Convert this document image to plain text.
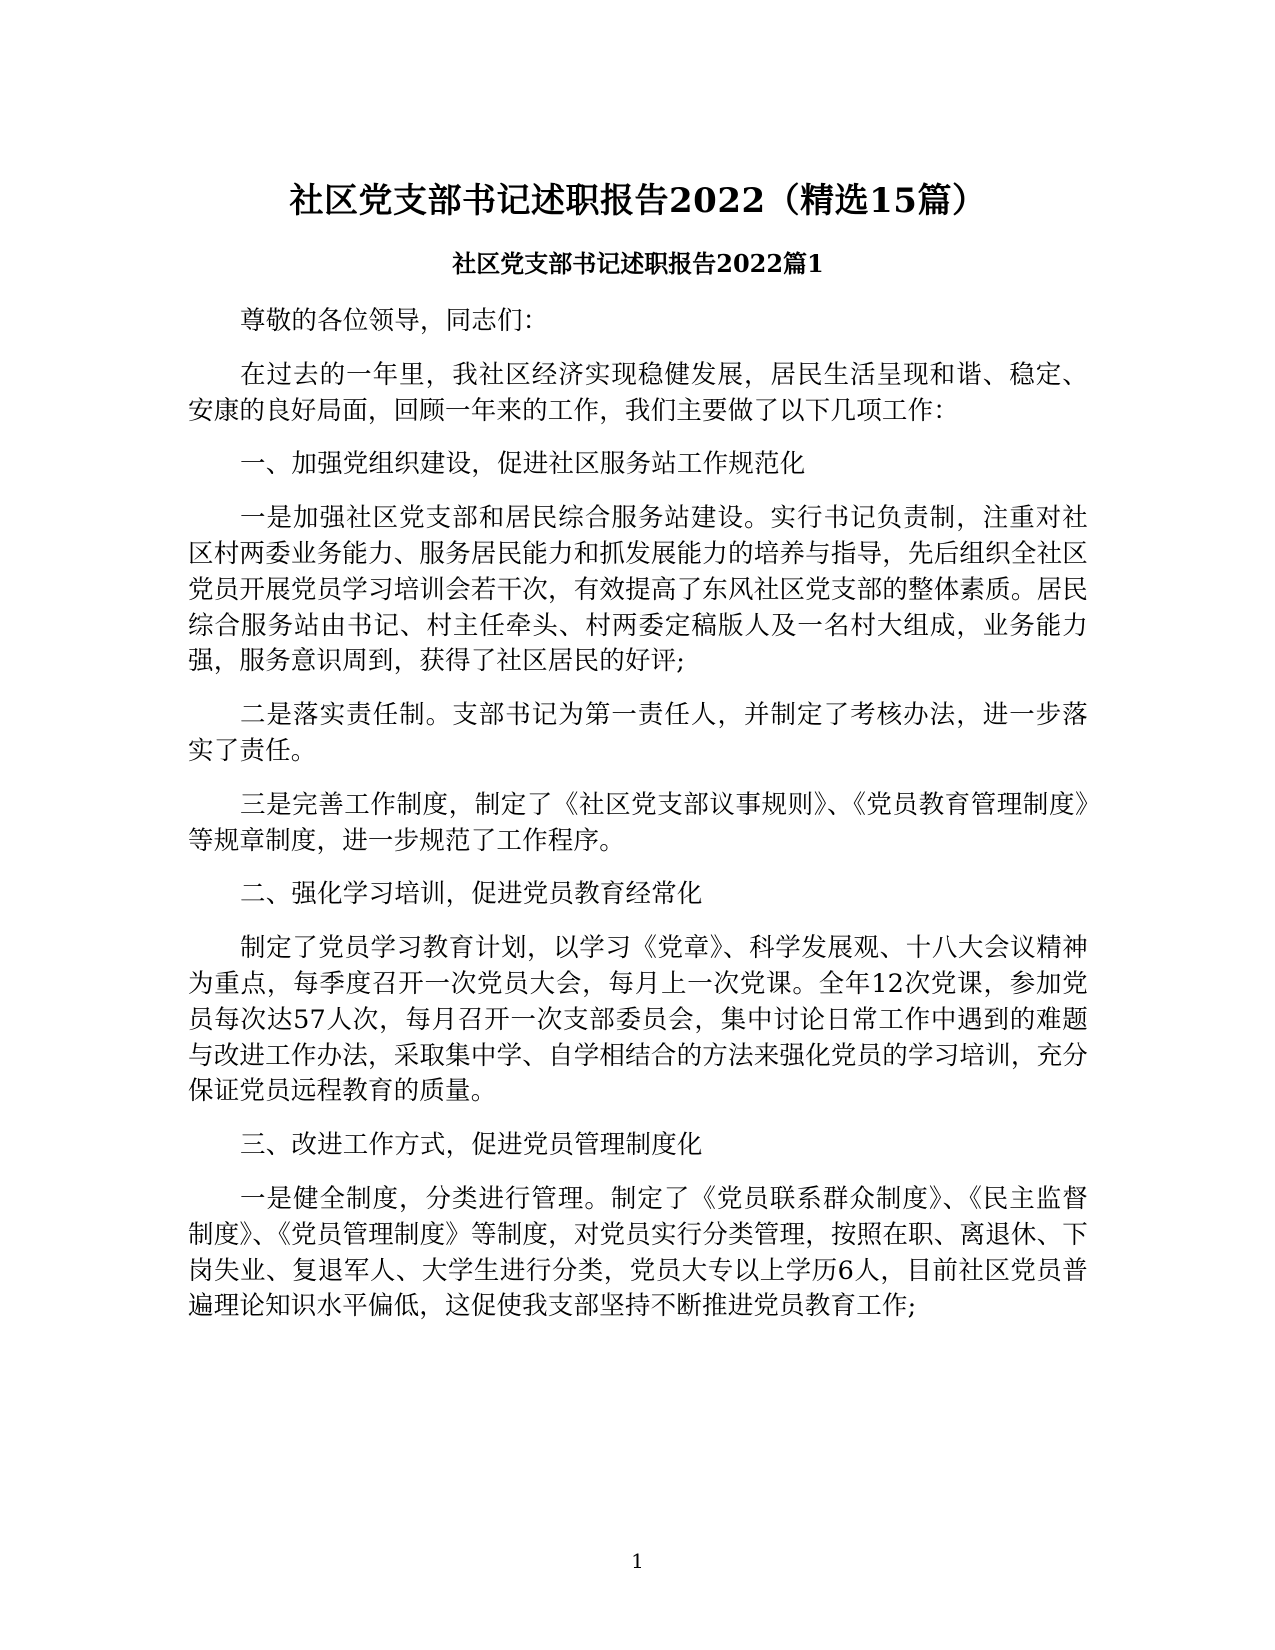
社区党支部书记述职报告2022（精选15篇）
社区党支部书记述职报告2022篇1

尊敬的各位领导，同志们：

在过去的一年里，我社区经济实现稳健发展，居民生活呈现和谐、稳定、安康的良好局面，回顾一年来的工作，我们主要做了以下几项工作：

一、加强党组织建设，促进社区服务站工作规范化

一是加强社区党支部和居民综合服务站建设。实行书记负责制，注重对社区村两委业务能力、服务居民能力和抓发展能力的培养与指导，先后组织全社区党员开展党员学习培训会若干次，有效提高了东风社区党支部的整体素质。居民综合服务站由书记、村主任牵头、村两委定稿版人及一名村大组成，业务能力强，服务意识周到，获得了社区居民的好评;

二是落实责任制。支部书记为第一责任人，并制定了考核办法，进一步落实了责任。

三是完善工作制度，制定了《社区党支部议事规则》、《党员教育管理制度》等规章制度，进一步规范了工作程序。

二、强化学习培训，促进党员教育经常化

制定了党员学习教育计划，以学习《党章》、科学发展观、十八大会议精神为重点，每季度召开一次党员大会，每月上一次党课。全年12次党课，参加党员每次达57人次，每月召开一次支部委员会，集中讨论日常工作中遇到的难题与改进工作办法，采取集中学、自学相结合的方法来强化党员的学习培训，充分保证党员远程教育的质量。

三、改进工作方式，促进党员管理制度化

一是健全制度，分类进行管理。制定了《党员联系群众制度》、《民主监督制度》、《党员管理制度》等制度，对党员实行分类管理，按照在职、离退休、下岗失业、复退军人、大学生进行分类，党员大专以上学历6人，目前社区党员普遍理论知识水平偏低，这促使我支部坚持不断推进党员教育工作;

1
